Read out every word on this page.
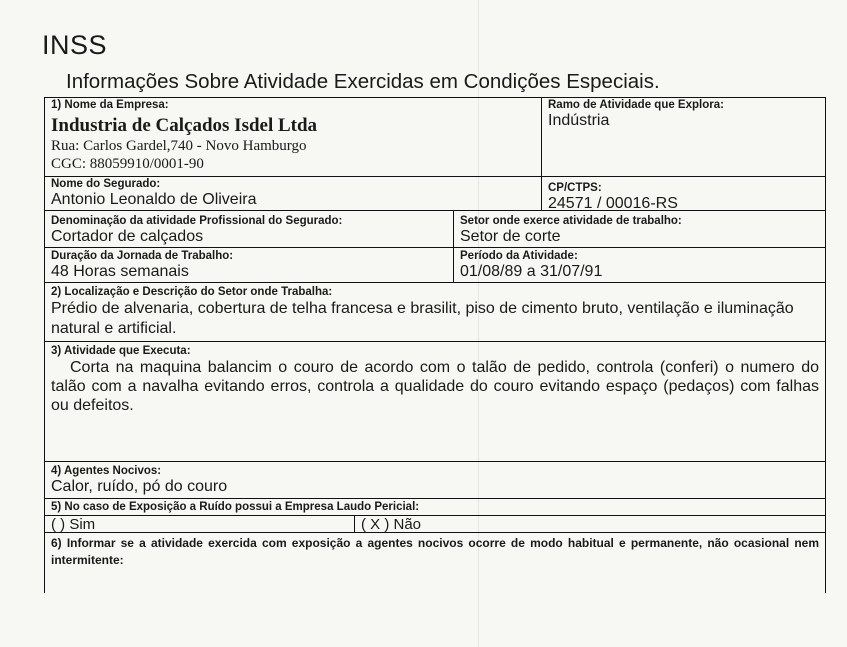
INSS
Informações Sobre Atividade Exercidas em Condições Especiais.
1) Nome da Empresa:
Industria de Calçados Isdel Ltda
Rua: Carlos Gardel,740 - Novo Hamburgo
CGC: 88059910/0001-90
Ramo de Atividade que Explora:
Indústria
Nome do Segurado:
Antonio Leonaldo de Oliveira
CP/CTPS:
24571 / 00016-RS
Denominação da atividade Profissional do Segurado:
Cortador de calçados
Setor onde exerce atividade de trabalho:
Setor de corte
Duração da Jornada de Trabalho:
48 Horas semanais
Período da Atividade:
01/08/89 a 31/07/91
2) Localização e Descrição do Setor onde Trabalha:
Prédio de alvenaria, cobertura de telha francesa e brasilit, piso de cimento bruto, ventilação e iluminação natural e artificial.
3) Atividade que Executa:
Corta na maquina balancim o couro de acordo com o talão de pedido, controla (conferi) o numero do talão com a navalha evitando erros, controla a qualidade do couro evitando espaço (pedaços) com falhas ou defeitos.
4) Agentes Nocivos:
Calor, ruído, pó do couro
5) No caso de Exposição a Ruído possui a Empresa Laudo Pericial:
( ) Sim	( X ) Não
6) Informar se a atividade exercida com exposição a agentes nocivos ocorre de modo habitual e permanente, não ocasional nem intermitente:
